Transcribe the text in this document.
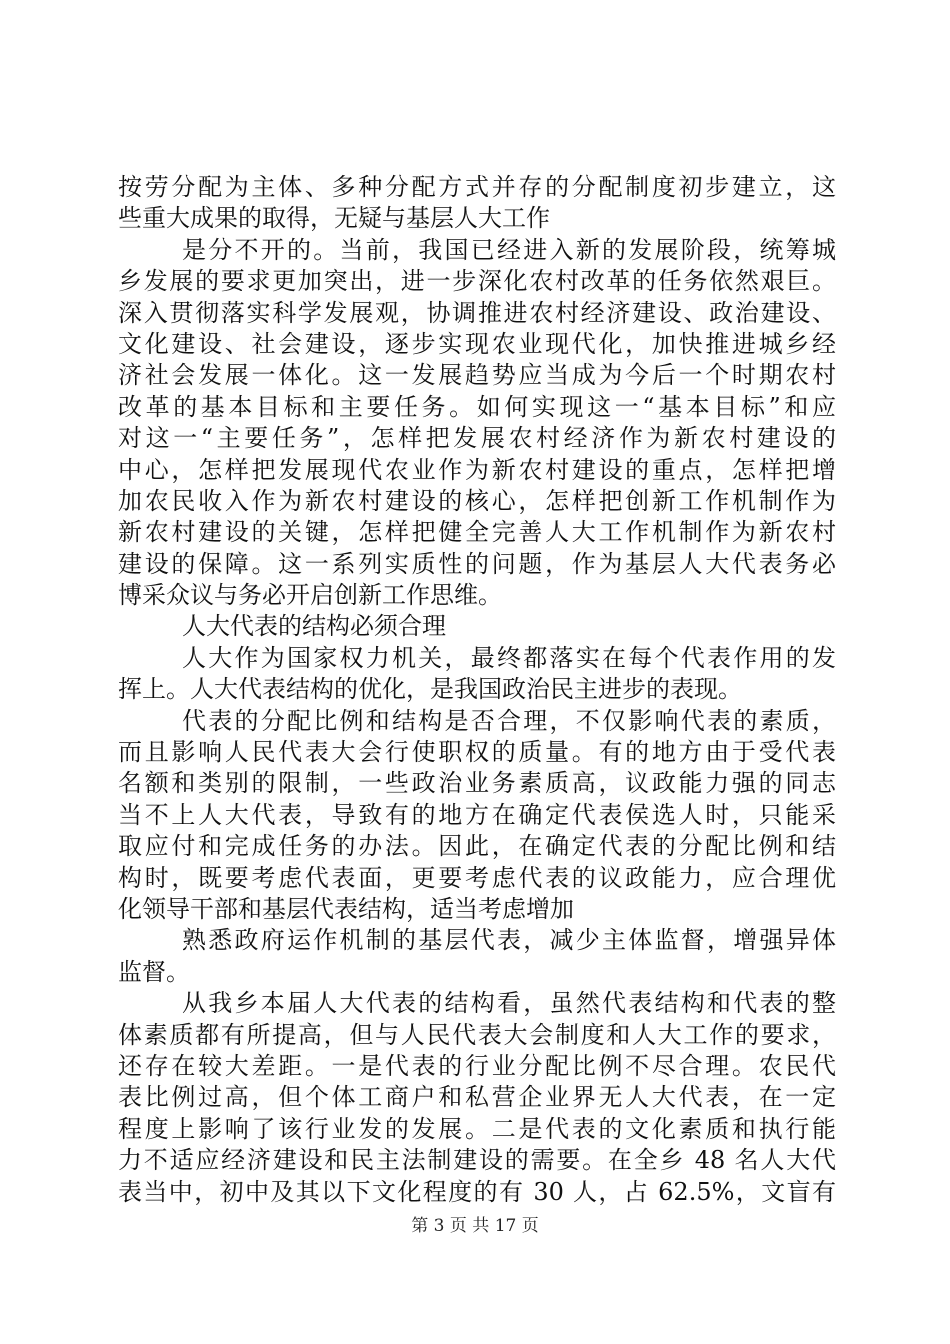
按劳分配为主体、多种分配方式并存的分配制度初步建立，这
些重大成果的取得，无疑与基层人大工作
是分不开的。当前，我国已经进入新的发展阶段，统筹城
乡发展的要求更加突出，进一步深化农村改革的任务依然艰巨。
深入贯彻落实科学发展观，协调推进农村经济建设、政治建设、
文化建设、社会建设，逐步实现农业现代化，加快推进城乡经
济社会发展一体化。这一发展趋势应当成为今后一个时期农村
改革的基本目标和主要任务。如何实现这一“基本目标”和应
对这一“主要任务”，怎样把发展农村经济作为新农村建设的
中心，怎样把发展现代农业作为新农村建设的重点，怎样把增
加农民收入作为新农村建设的核心，怎样把创新工作机制作为
新农村建设的关键，怎样把健全完善人大工作机制作为新农村
建设的保障。这一系列实质性的问题，作为基层人大代表务必
博采众议与务必开启创新工作思维。
人大代表的结构必须合理
人大作为国家权力机关，最终都落实在每个代表作用的发
挥上。人大代表结构的优化，是我国政治民主进步的表现。
代表的分配比例和结构是否合理，不仅影响代表的素质，
而且影响人民代表大会行使职权的质量。有的地方由于受代表
名额和类别的限制，一些政治业务素质高，议政能力强的同志
当不上人大代表，导致有的地方在确定代表侯选人时，只能采
取应付和完成任务的办法。因此，在确定代表的分配比例和结
构时，既要考虑代表面，更要考虑代表的议政能力，应合理优
化领导干部和基层代表结构，适当考虑增加
熟悉政府运作机制的基层代表，减少主体监督，增强异体
监督。
从我乡本届人大代表的结构看，虽然代表结构和代表的整
体素质都有所提高，但与人民代表大会制度和人大工作的要求，
还存在较大差距。一是代表的行业分配比例不尽合理。农民代
表比例过高，但个体工商户和私营企业界无人大代表，在一定
程度上影响了该行业发的发展。二是代表的文化素质和执行能
力不适应经济建设和民主法制建设的需要。在全乡 48 名人大代
表当中，初中及其以下文化程度的有 30 人，占 62.5%，文盲有
第 3 页 共 17 页
